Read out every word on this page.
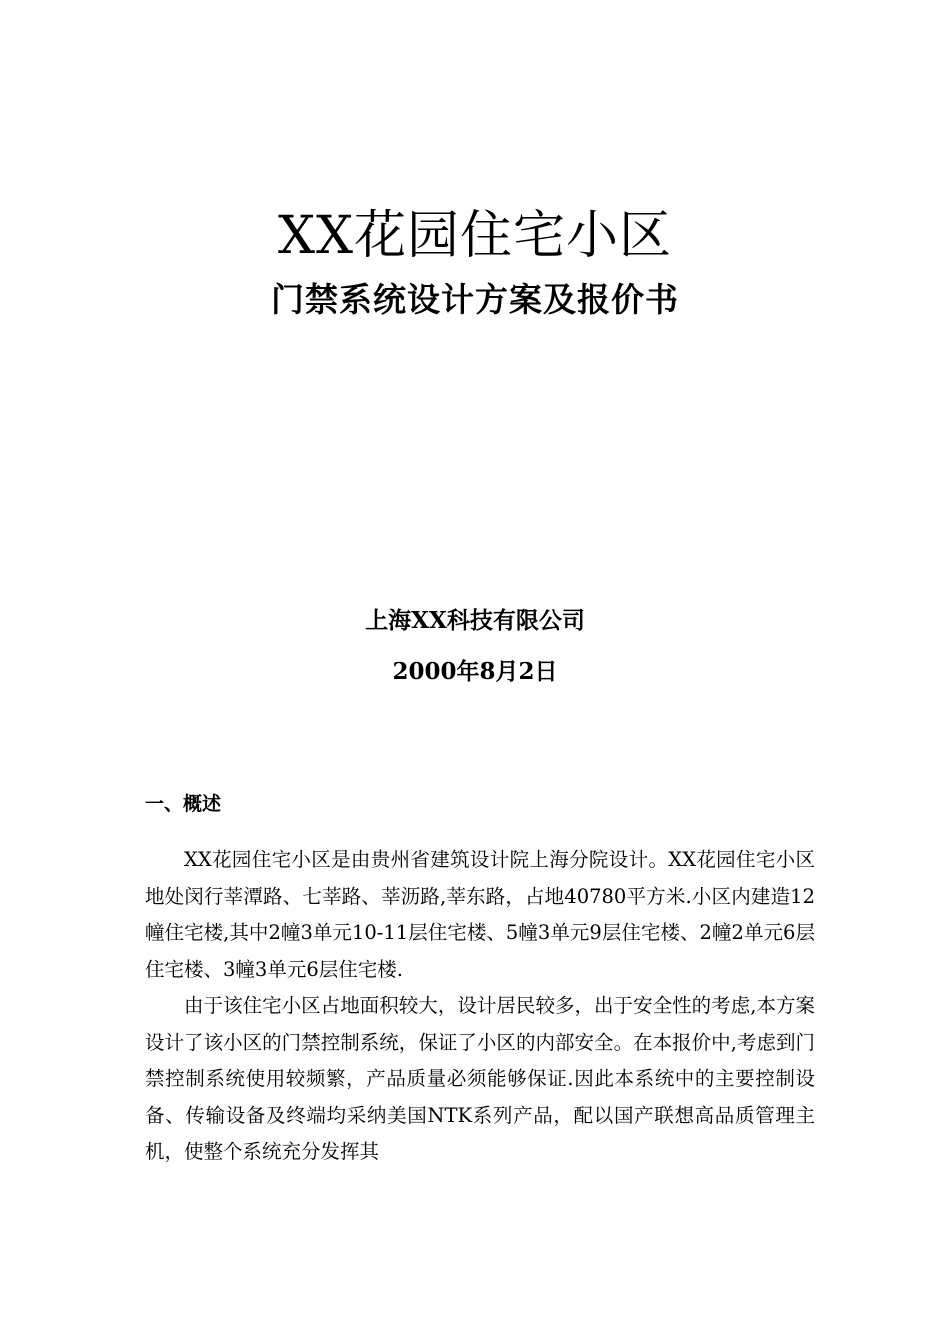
XX花园住宅小区
门禁系统设计方案及报价书
上海XX科技有限公司
2000年8月2日
一、概述

XX花园住宅小区是由贵州省建筑设计院上海分院设计。XX花园住宅小区地处闵行莘潭路、七莘路、莘沥路,莘东路，占地40780平方米.小区内建造12幢住宅楼,其中2幢3单元10-11层住宅楼、5幢3单元9层住宅楼、2幢2单元6层住宅楼、3幢3单元6层住宅楼.

由于该住宅小区占地面积较大，设计居民较多，出于安全性的考虑,本方案设计了该小区的门禁控制系统，保证了小区的内部安全。在本报价中,考虑到门禁控制系统使用较频繁，产品质量必须能够保证.因此本系统中的主要控制设备、传输设备及终端均采纳美国NTK系列产品，配以国产联想高品质管理主机，使整个系统充分发挥其
